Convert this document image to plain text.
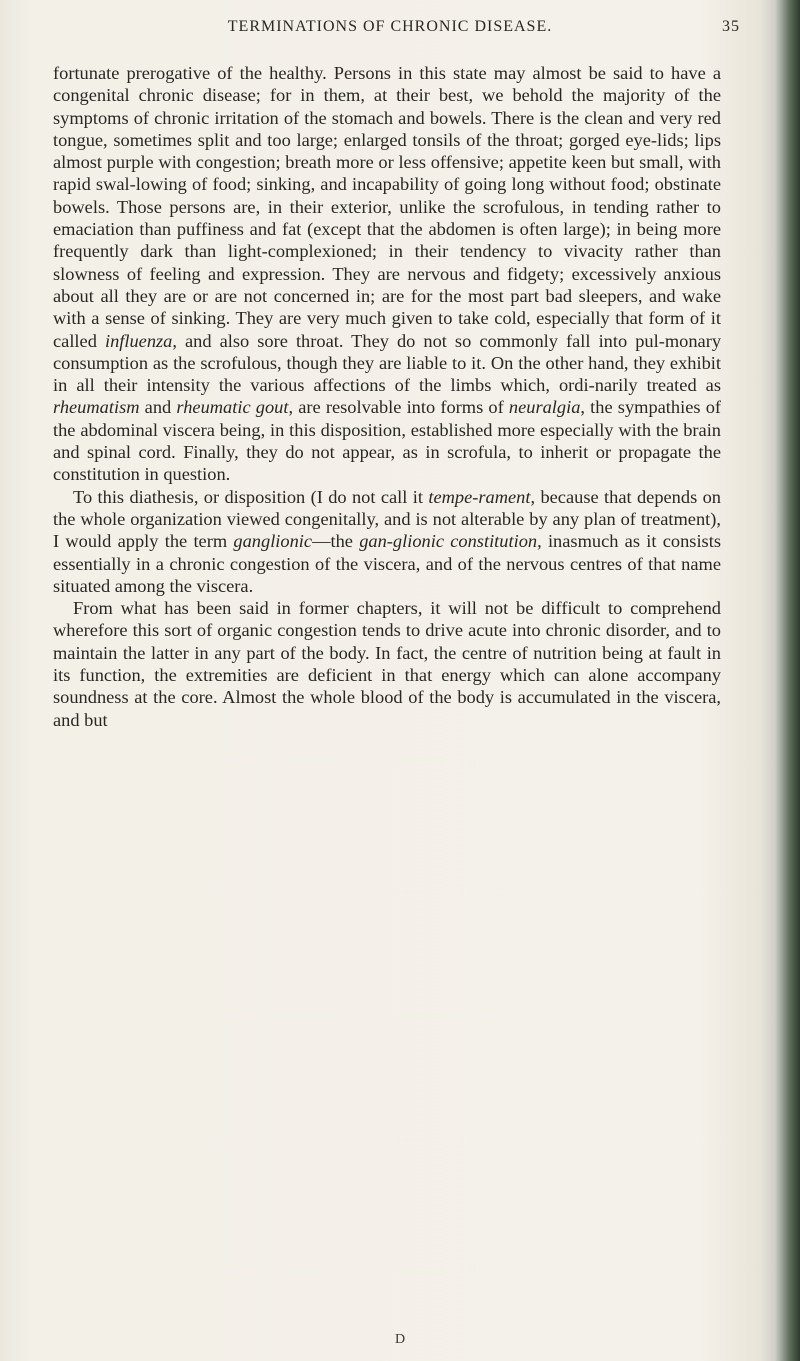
TERMINATIONS OF CHRONIC DISEASE.	35

fortunate prerogative of the healthy. Persons in this state may almost be said to have a congenital chronic disease; for in them, at their best, we behold the majority of the symptoms of chronic irritation of the stomach and bowels. There is the clean and very red tongue, sometimes split and too large; enlarged tonsils of the throat; gorged eye-lids; lips almost purple with congestion; breath more or less offensive; appetite keen but small, with rapid swal-lowing of food; sinking, and incapability of going long without food; obstinate bowels. Those persons are, in their exterior, unlike the scrofulous, in tending rather to emaciation than puffiness and fat (except that the abdomen is often large); in being more frequently dark than light-complexioned; in their tendency to vivacity rather than slowness of feeling and expression. They are nervous and fidgety; excessively anxious about all they are or are not concerned in; are for the most part bad sleepers, and wake with a sense of sinking. They are very much given to take cold, especially that form of it called influenza, and also sore throat. They do not so commonly fall into pul-monary consumption as the scrofulous, though they are liable to it. On the other hand, they exhibit in all their intensity the various affections of the limbs which, ordi-narily treated as rheumatism and rheumatic gout, are resolvable into forms of neuralgia, the sympathies of the abdominal viscera being, in this disposition, established more especially with the brain and spinal cord. Finally, they do not appear, as in scrofula, to inherit or propagate the constitution in question.

To this diathesis, or disposition (I do not call it tempe-rament, because that depends on the whole organization viewed congenitally, and is not alterable by any plan of treatment), I would apply the term ganglionic—the gan-glionic constitution, inasmuch as it consists essentially in a chronic congestion of the viscera, and of the nervous centres of that name situated among the viscera.

From what has been said in former chapters, it will not be difficult to comprehend wherefore this sort of organic congestion tends to drive acute into chronic disorder, and to maintain the latter in any part of the body. In fact, the centre of nutrition being at fault in its function, the extremities are deficient in that energy which can alone accompany soundness at the core. Almost the whole blood of the body is accumulated in the viscera, and but

D
